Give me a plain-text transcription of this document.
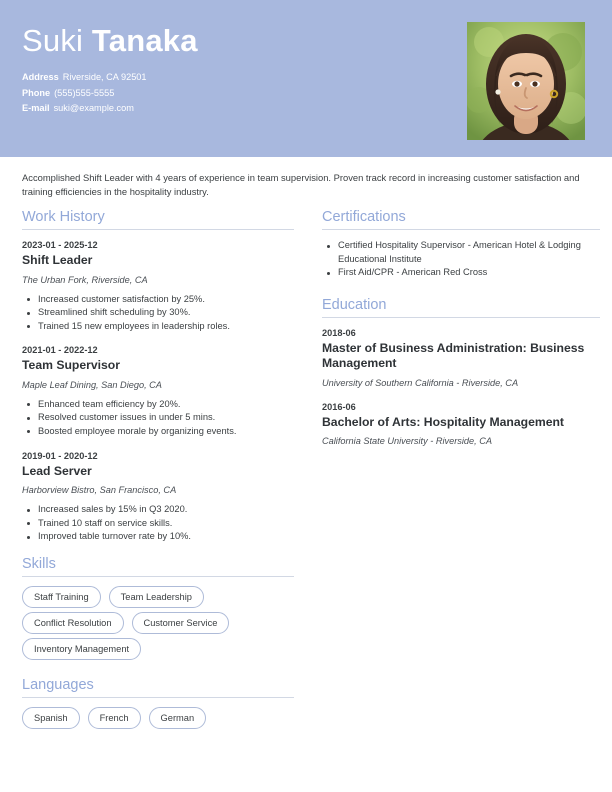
Suki Tanaka
Address Riverside, CA 92501
Phone (555)555-5555
E-mail suki@example.com
Accomplished Shift Leader with 4 years of experience in team supervision. Proven track record in increasing customer satisfaction and training efficiencies in the hospitality industry.
Work History
2023-01 - 2025-12
Shift Leader
The Urban Fork, Riverside, CA
Increased customer satisfaction by 25%.
Streamlined shift scheduling by 30%.
Trained 15 new employees in leadership roles.
2021-01 - 2022-12
Team Supervisor
Maple Leaf Dining, San Diego, CA
Enhanced team efficiency by 20%.
Resolved customer issues in under 5 mins.
Boosted employee morale by organizing events.
2019-01 - 2020-12
Lead Server
Harborview Bistro, San Francisco, CA
Increased sales by 15% in Q3 2020.
Trained 10 staff on service skills.
Improved table turnover rate by 10%.
Skills
Staff Training	Team Leadership
Conflict Resolution	Customer Service
Inventory Management
Languages
Spanish	French	German
Certifications
Certified Hospitality Supervisor - American Hotel & Lodging Educational Institute
First Aid/CPR - American Red Cross
Education
2018-06
Master of Business Administration: Business Management
University of Southern California - Riverside, CA
2016-06
Bachelor of Arts: Hospitality Management
California State University - Riverside, CA
